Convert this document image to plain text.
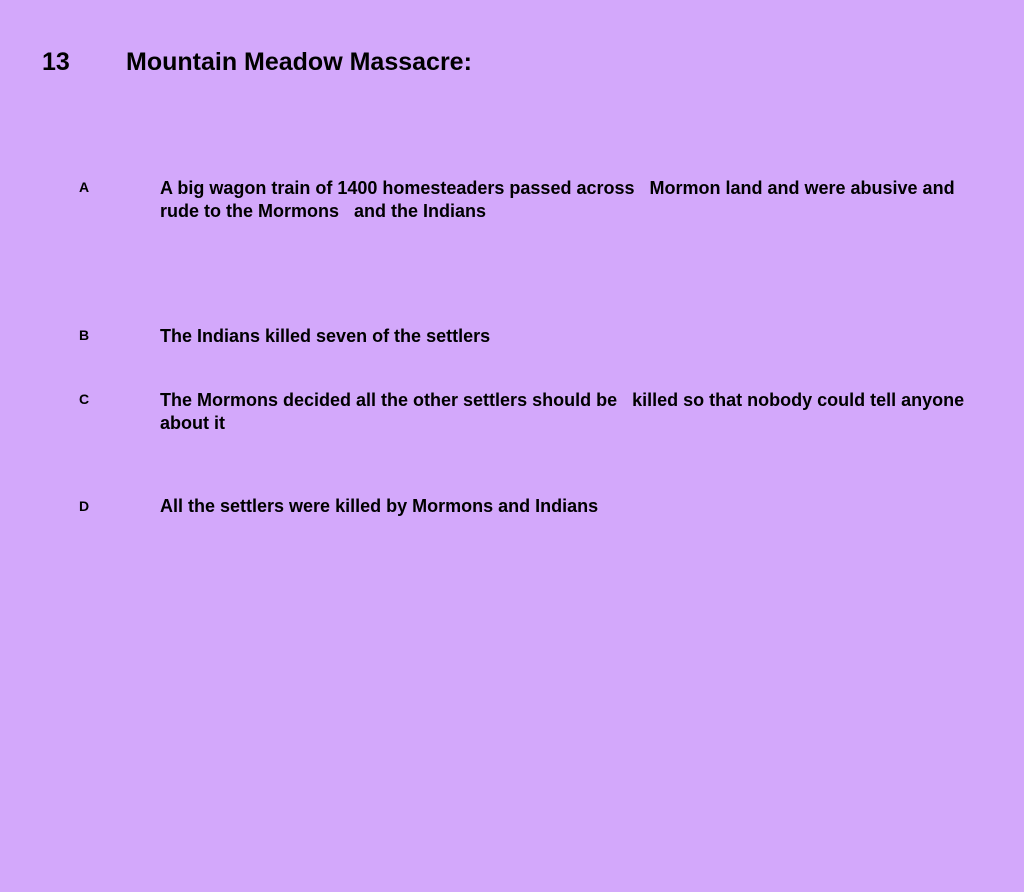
13 Mountain Meadow Massacre:
A	A big wagon train of 1400 homesteaders passed across   Mormon land and were abusive and rude to the Mormons   and the Indians
B	The Indians killed seven of the settlers
C	The Mormons decided all the other settlers should be   killed so that nobody could tell anyone about it
D	All the settlers were killed by Mormons and Indians
